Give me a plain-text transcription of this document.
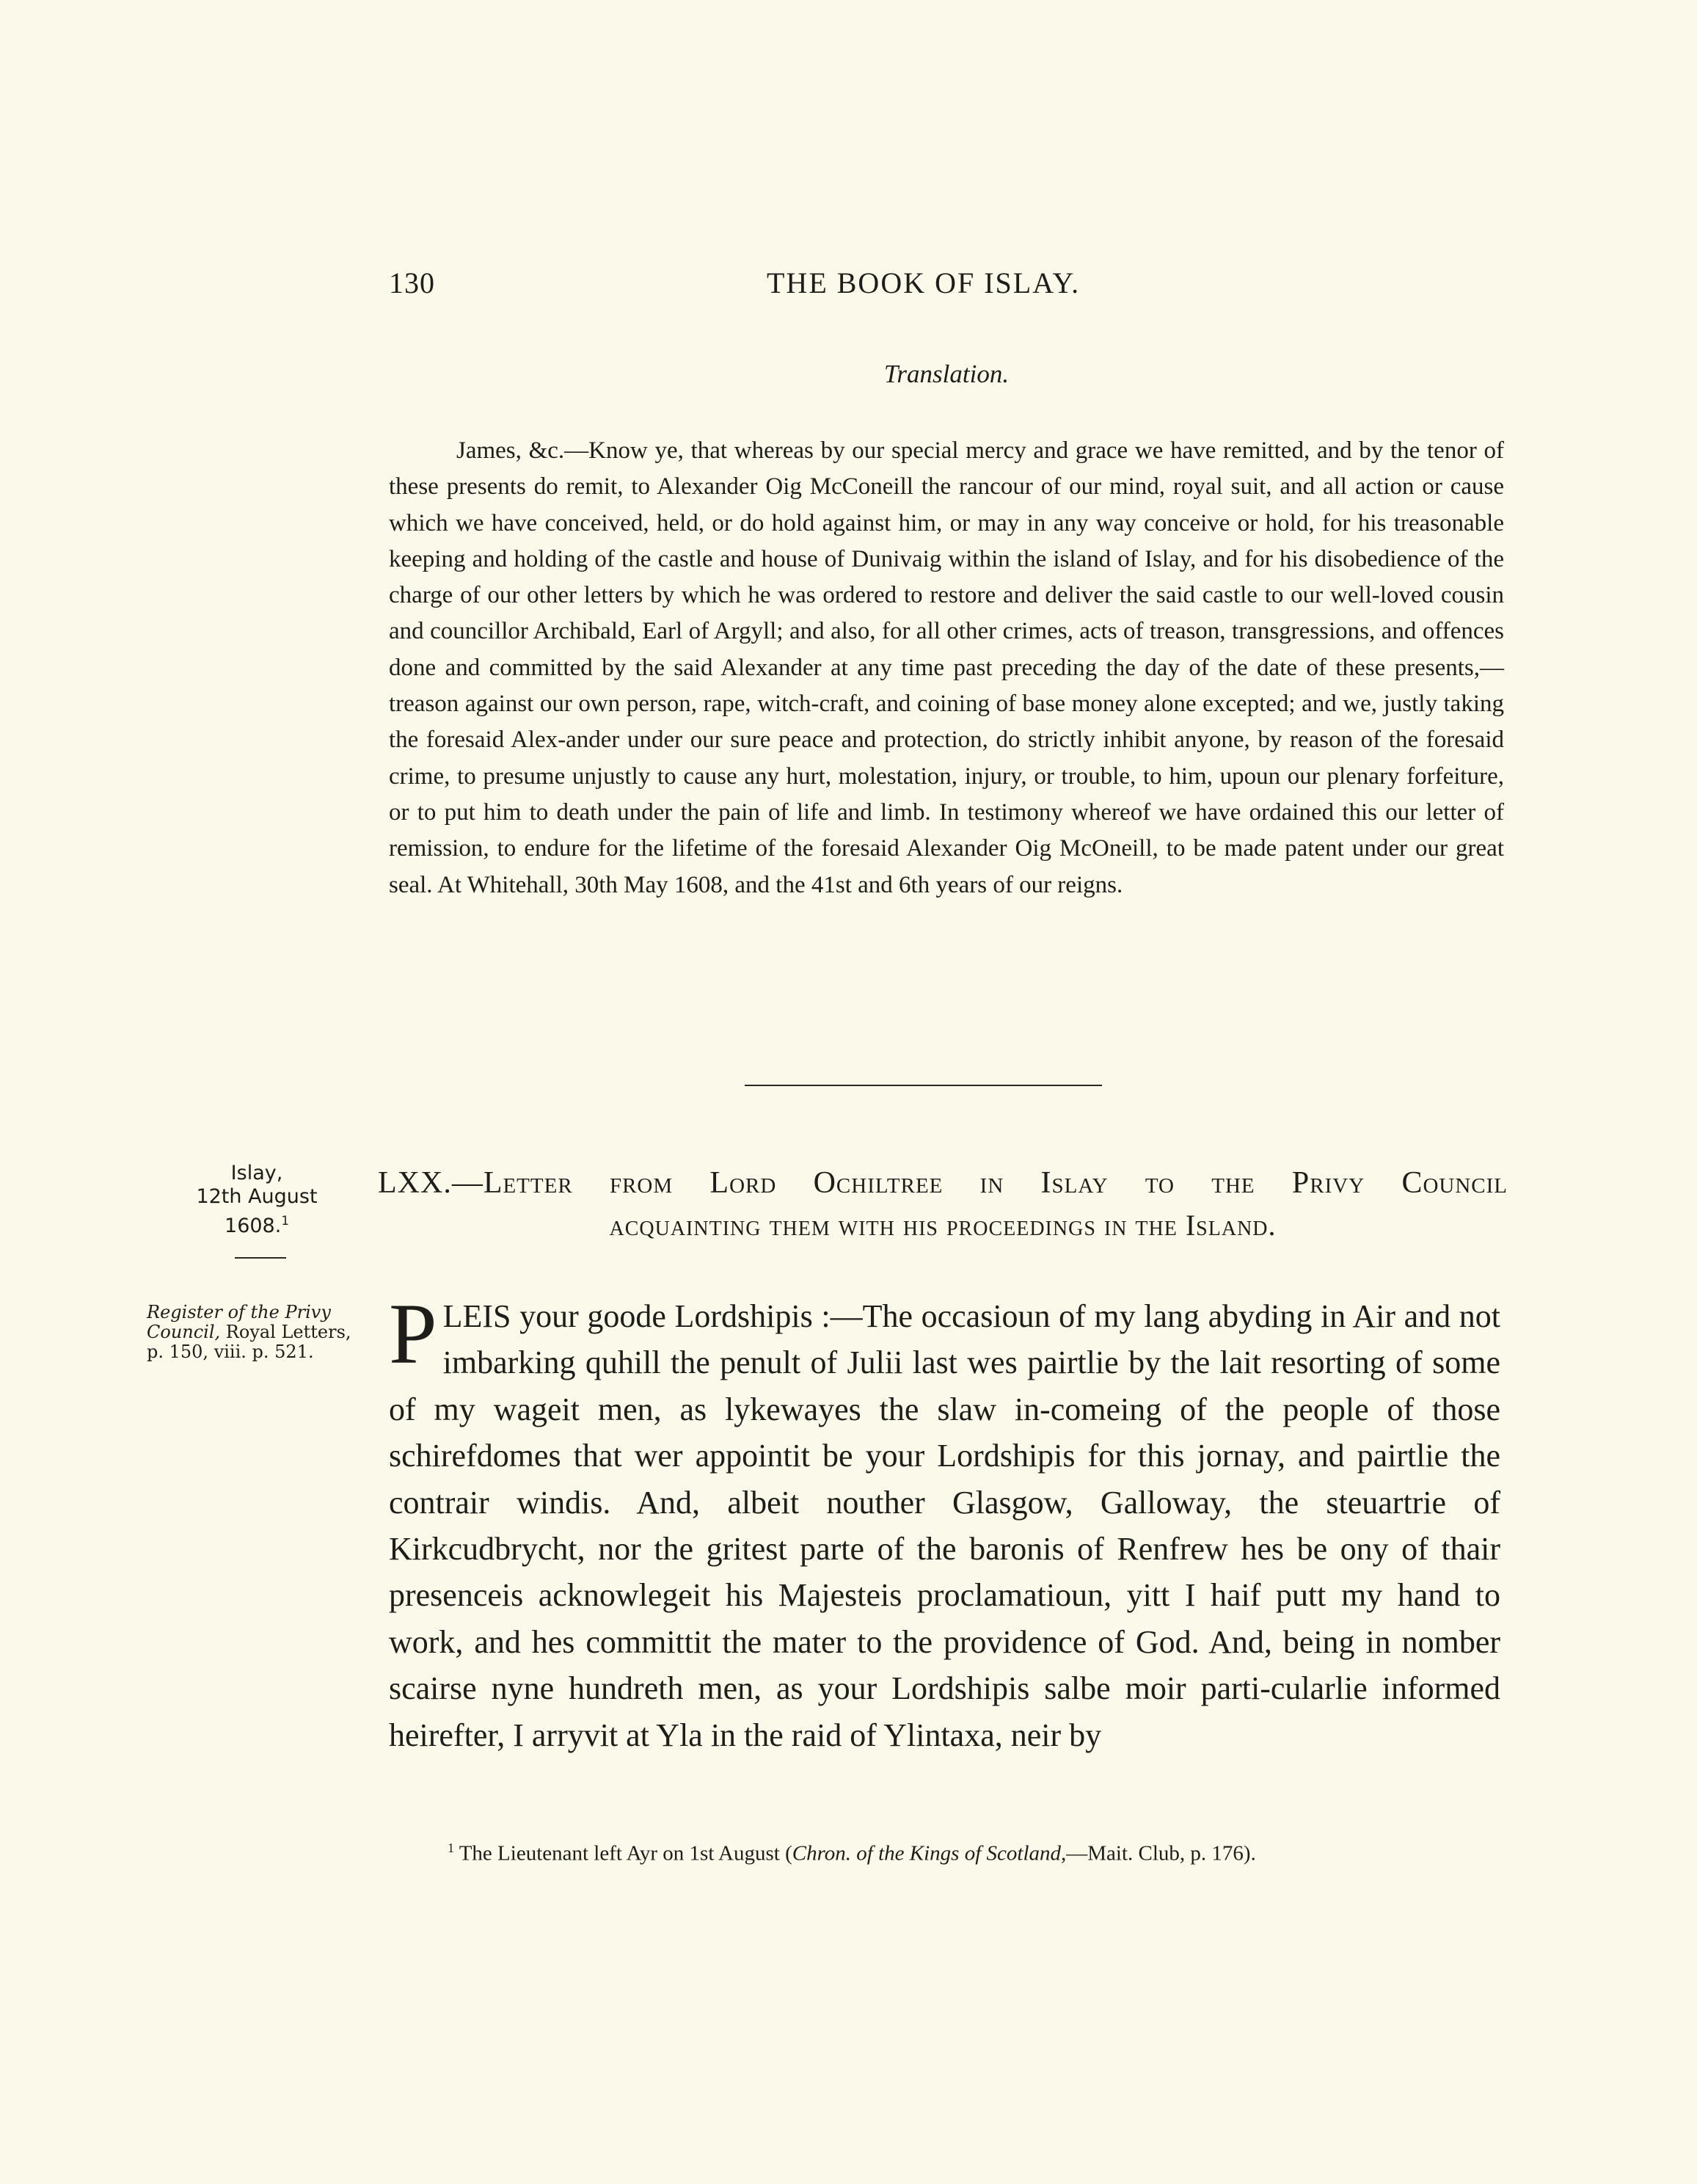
130	THE BOOK OF ISLAY.
Translation.

James, &c.—Know ye, that whereas by our special mercy and grace we have remitted, and by the tenor of these presents do remit, to Alexander Oig McConeill the rancour of our mind, royal suit, and all action or cause which we have conceived, held, or do hold against him, or may in any way conceive or hold, for his treasonable keeping and holding of the castle and house of Dunivaig within the island of Islay, and for his disobedience of the charge of our other letters by which he was ordered to restore and deliver the said castle to our well-loved cousin and councillor Archibald, Earl of Argyll; and also, for all other crimes, acts of treason, transgressions, and offences done and committed by the said Alexander at any time past preceding the day of the date of these presents,—treason against our own person, rape, witch-craft, and coining of base money alone excepted; and we, justly taking the foresaid Alex-ander under our sure peace and protection, do strictly inhibit anyone, by reason of the foresaid crime, to presume unjustly to cause any hurt, molestation, injury, or trouble, to him, upoun our plenary forfeiture, or to put him to death under the pain of life and limb. In testimony whereof we have ordained this our letter of remission, to endure for the lifetime of the foresaid Alexander Oig McOneill, to be made patent under our great seal. At Whitehall, 30th May 1608, and the 41st and 6th years of our reigns.

Islay,
12th August
1608.$^1$
LXX.—Letter from Lord Ochiltree in Islay to the Privy Council
acquainting them with his proceedings in the Island.
Register of the Privy Council, Royal Letters, p. 150, viii. p. 521. P LEIS your goode Lordshipis :—The occasioun of my lang abyding in Air and not imbarking quhill the penult of Julii last wes pairtlie by the lait resorting of some of my wageit men, as lykewayes the slaw in-comeing of the people of those schirefdomes that wer appointit be your Lordshipis for this jornay, and pairtlie the contrair windis. And, albeit nouther Glasgow, Galloway, the steuartrie of Kirkcudbrycht, nor the gritest parte of the baronis of Renfrew hes be ony of thair presenceis acknowlegeit his Majesteis proclamatioun, yitt I haif putt my hand to work, and hes committit the mater to the providence of God. And, being in nomber scairse nyne hundreth men, as your Lordshipis salbe moir parti-cularlie informed heirefter, I arryvit at Yla in the raid of Ylintaxa, neir by

$^1$ The Lieutenant left Ayr on 1st August (Chron. of the Kings of Scotland,—Mait. Club, p. 176).
